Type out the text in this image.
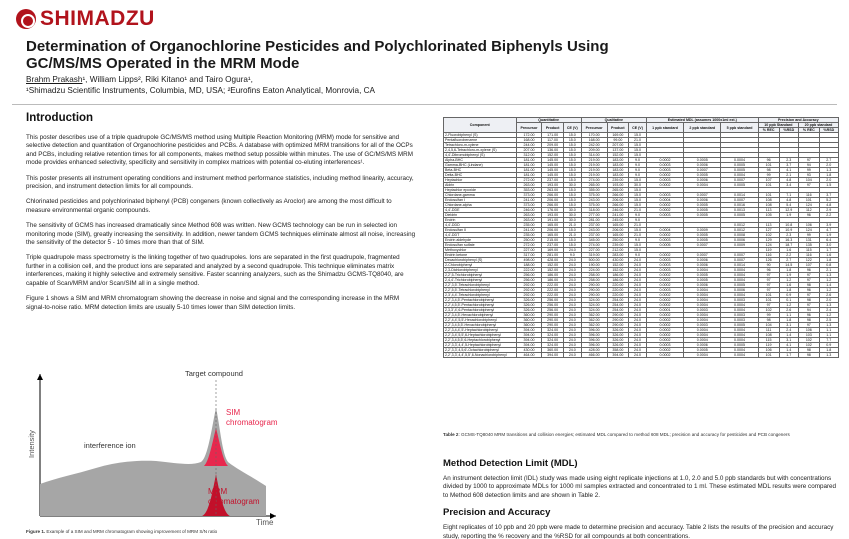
SHIMADZU
Determination of Organochlorine Pesticides and Polychlorinated Biphenyls Using GC/MS/MS Operated in the MRM Mode
Brahm Prakash¹, William Lipps², Riki Kitano¹ and Tairo Ogura¹,
¹Shimadzu Scientific Instruments, Columbia, MD, USA; ²Eurofins Eaton Analytical, Monrovia, CA
Introduction

This poster describes use of a triple quadrupole GC/MS/MS method using Multiple Reaction Monitoring (MRM) mode for sensitive and selective detection and quantitation of Organochlorine pesticides and PCBs. A database with optimized MRM transitions for all of the OCPs and PCBs, including relative retention times for all components, makes method setup possible within minutes. The use of GC/MS/MS MRM mode provides enhanced selectivity, specificity and sensitivity in complex matrices with potential co-eluting interferences¹.

This poster presents all instrument operating conditions and instrument method performance statistics, including method linearity, accuracy, precision, and instrument detection limits for all compounds.

Chlorinated pesticides and polychlorinated biphenyl (PCB) congeners (known collectively as Aroclor) are among the most difficult to measure environmental organic compounds.

The sensitivity of GCMS has increased dramatically since Method 608 was written. New GCMS technology can be run in selected ion monitoring mode (SIM), greatly increasing the sensitivity. In addition, newer tandem GCMS techniques eliminate almost all noise, increasing the sensitivity of the detector 5 - 10 times more than that of SIM.

Triple quadrupole mass spectrometry is the linking together of two quadrupoles. Ions are separated in the first quadrupole, fragmented further in a collision cell, and the product ions are separated and analyzed by a second quadrupole. This technique eliminates matrix interferences, making it highly selective and extremely sensitive. Faster scanning analyzers, such as the Shimadzu GCMS-TQ8040, are capable of Scan/MRM and/or Scan/SIM all in a single method.

Figure 1 shows a SIM and MRM chromatogram showing the decrease in noise and signal and the corresponding increase in the MRM signal-to-noise ratio. MRM detection limits are usually 5-10 times lower than SIM detection limits.

Target compound
interference ion
SIM
chromatogram
MRM
chromatogram
Intensity
Time
Figure 1. Example of a SIM and MRM chromatogram showing improvement of MRM S/N ratio
Component	Quantitative			Qualitative			Estimated MDL (assumes 1000x1ml ext.)			Precision and Accuracy			
	Precursor	Product	CE (V)	Precursor	Product	CE (V)	1 ppb standard	2 ppb standard	5 ppb standard	10 ppb Standard		20 ppb standard	
										% REC	%RSD	% REC	%RSD
2-Fluorobiphenyl (S)	172.00	171.00	15.0	170.00	169.00	15.0							
Pentafluorobenzene	168.00	117.00	15.0	168.00	99.00	21.0							
Tetrachloro-m-xylene	244.00	209.00	15.0	242.00	207.00	15.0							
2,4,5,6-Tetrachloro-m-xylene (S)	207.00	136.00	15.0	209.00	137.00	15.0							
4,4'-Dibromobiphenyl (S)	312.00	152.00	15.0	314.00	152.00	15.0							
Alpha-BHC	181.00	145.00	15.0	219.00	183.00	9.0	0.0002	0.0005	0.0004	96	2.3	97	2.7
Gamma-BHC (Lindane)	181.00	145.00	15.0	219.00	183.00	9.0	0.0003	0.0006	0.0005	101	3.7	94	2.0
Beta-BHC	181.00	145.00	15.0	219.00	183.00	9.0	0.0003	0.0007	0.0005	98	4.1	99	1.3
Delta-BHC	181.00	145.00	15.0	219.00	183.00	9.0	0.0002	0.0005	0.0004	99	2.1	93	1.8
Heptachlor	272.00	237.00	15.0	274.00	239.00	15.0	0.0003	0.0006	0.0007	107	4.8	104	2.0
Aldrin	263.00	193.00	30.0	265.00	193.00	30.0	0.0002	0.0004	0.0005	101	3.4	97	1.5
Heptachlor epoxide	353.00	263.00	15.0	355.00	265.00	15.0							
Chlordane-gamma	373.00	266.00	15.0	375.00	266.00	15.0	0.0003	0.0007	0.0014	101	7.1	116	3.7
Endosulfan I	241.00	206.00	15.0	243.00	206.00	15.0	0.0004	0.0006	0.0007	108	4.8	101	5.2
Chlordane-alpha	373.00	266.00	15.0	375.00	266.00	15.0	0.0002	0.0005	0.0016	108	5.4	124	4.8
4,4'-DDE	246.00	176.00	30.0	318.00	246.00	21.0	0.0002	0.0005	0.0013	113	12.9	112	2.9
Dieldrin	263.00	193.00	30.0	277.00	241.00	9.0	0.0003	0.0005	0.0005	105	1.9	96	2.2
Endrin	263.00	191.00	30.0	281.00	245.00	9.0							
4,4'-DDD	235.00	165.00	21.0	237.00	165.00	21.0			0.0012	113	10.8	106	3.9
Endosulfan II	241.00	206.00	15.0	243.00	206.00	15.0	0.0004	0.0009	0.0012	127	10.9	124	4.7
4,4'-DDT	235.00	165.00	21.0	237.00	165.00	21.0	0.0002	0.0005	0.0008	102	2.3	99	1.9
Endrin aldehyde	250.00	215.00	15.0	345.00	250.00	9.0	0.0003	0.0005	0.0006	129	16.3	131	6.4
Endosulfan sulfate	272.00	237.00	15.0	274.00	239.00	15.0	0.0005	0.0007	0.0009	124	18.7	135	3.0
Methoxychlor	227.00	169.00	24.0	227.00	212.00	15.0				119	1.6	115	1.7
Endrin ketone	317.00	281.00	9.0	319.00	283.00	9.0	0.0002	0.0007	0.0007	116	2.2	116	1.6
Decachlorobiphenyl (S)	498.00	428.00	24.0	500.00	430.00	24.0	0.0003	0.0006	0.0007	126	2.7	122	1.8
2-Chlorobiphenyl	188.00	152.00	24.0	190.00	152.00	24.0	0.0003	0.0006	0.0014	90	14.5	107	0.8
2,3-Dichlorobiphenyl	222.00	152.00	24.0	224.00	152.00	24.0	0.0003	0.0004	0.0004	96	1.8	96	2.1
2,2',5-Trichlorobiphenyl	256.00	186.00	24.0	258.00	186.00	24.0	0.0002	0.0005	0.0004	97	1.9	97	1.3
2,4,4'-Trichlorobiphenyl	256.00	186.00	24.0	258.00	186.00	24.0	0.0002	0.0005	0.0004	97	1.2	97	1.2
2,2',3,5'-Tetrachlorobiphenyl	292.00	222.00	24.0	290.00	220.00	24.0	0.0002	0.0006	0.0005	97	1.6	98	1.4
2,2',5,5'-Tetrachlorobiphenyl	292.00	222.00	24.0	290.00	220.00	24.0	0.0003	0.0004	0.0006	97	1.8	96	1.2
2,3',4,4'-Tetrachlorobiphenyl	292.00	222.00	24.0	290.00	220.00	24.0	0.0002	0.0004	0.0004	101	0.9	97	2.6
2,2',3,4,5'-Pentachlorobiphenyl	326.00	256.00	24.0	324.00	254.00	24.0	0.0002	0.0004	0.0003	101	0.1	98	2.0
2,2',4,5,5'-Pentachlorobiphenyl	326.00	256.00	24.0	324.00	254.00	24.0	0.0002	0.0004	0.0004	97	1.2	97	1.3
2,3,3',4',6-Pentachlorobiphenyl	326.00	256.00	24.0	324.00	254.00	24.0	0.0001	0.0003	0.0004	102	2.6	94	2.4
2,2',3,4,5'-Hexachlorobiphenyl	360.00	290.00	24.0	362.00	290.00	24.0	0.0002	0.0004	0.0003	99	1.1	96	1.2
2,2',4,4',5,5'-Hexachlorobiphenyl	360.00	290.00	24.0	362.00	290.00	24.0	0.0002	0.0004	0.0003	98	1.8	98	2.5
2,2',3,4,5,5'-Hexachlorobiphenyl	360.00	290.00	24.0	362.00	290.00	24.0	0.0002	0.0003	0.0005	104	3.1	97	1.3
2,2',3,4,4',5'-Heptachlorobiphenyl	394.00	324.00	24.0	396.00	326.00	24.0	0.0002	0.0004	0.0004	111	2.4	106	1.1
2,2',3,4',5,5',6-Heptachlorobiphenyl	394.00	324.00	24.0	396.00	326.00	24.0	0.0002	0.0004	0.0004	108	1.4	103	1.1
2,2',3,4,5,5',6-Heptachlorobiphenyl	394.00	324.00	24.0	396.00	326.00	24.0	0.0002	0.0004	0.0004	115	3.1	102	7.7
2,2',3,3',4,4',5-Heptachlorobiphenyl	394.00	324.00	24.0	396.00	326.00	24.0	0.0003	0.0006	0.0005	119	4.1	102	0.9
2,2',3,3',4,5,6'-Octachlorobiphenyl	430.00	360.00	24.0	428.00	358.00	24.0	0.0002	0.0005	0.0004	106	1.4	98	1.8
2,2',3,3',4,4',5,5',6-Nonachlorobiphenyl	464.00	394.00	24.0	466.00	394.00	24.0	0.0002	0.0004	0.0004	101	1.7	98	1.3
Table 2: GCMS-TQ8040 MRM transitions and collision energies; estimated MDL compared to method 608 MDL; precision and accuracy for pesticides and PCB congeners
Method Detection Limit (MDL)

An instrument detection limit (IDL) study was made using eight replicate injections at 1.0, 2.0 and 5.0 ppb standards but with concentrations divided by 1000 to approximate MDLs for 1000 ml samples extracted and concentrated to 1 ml. These estimated MDL results were compared to Method 608 detection limits and are shown in Table 2.

Precision and Accuracy

Eight replicates of 10 ppb and 20 ppb were made to determine precision and accuracy. Table 2 lists the results of the precision and accuracy study, reporting the % recovery and the %RSD for all compounds at both concentrations.
